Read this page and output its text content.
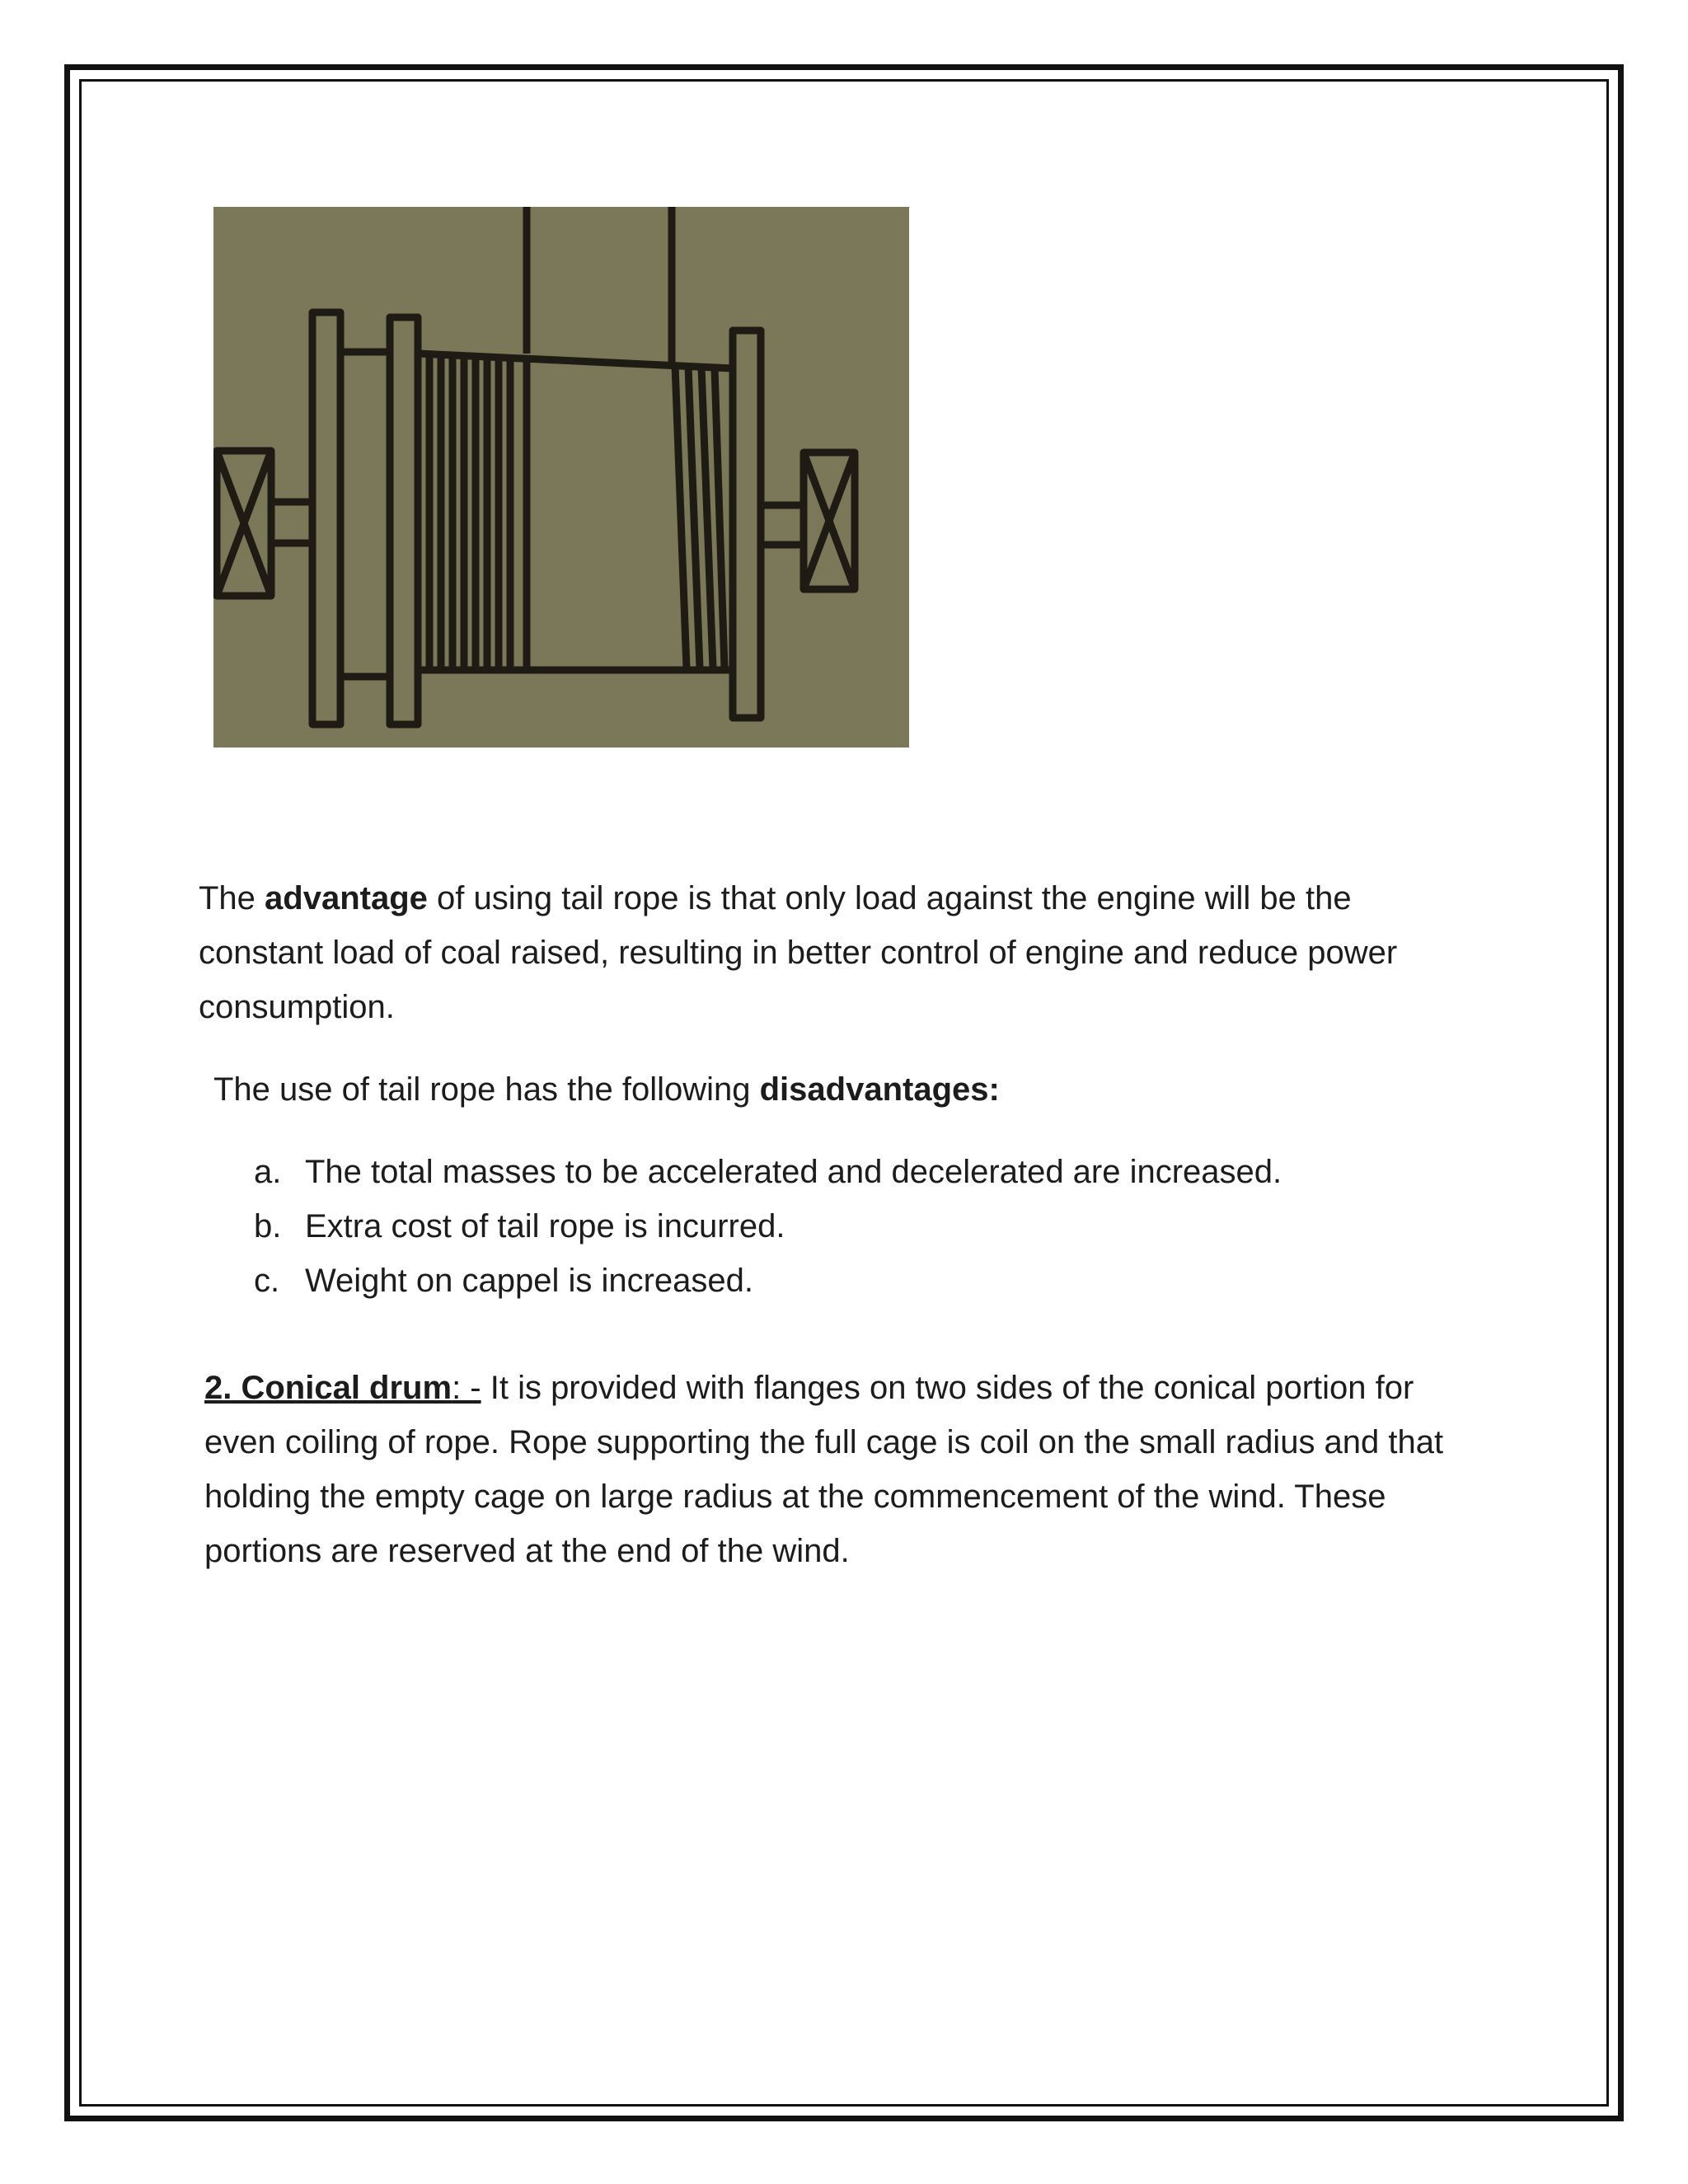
The advantage of using tail rope is that only load against the engine will be the constant load of coal raised, resulting in better control of engine and reduce power consumption.

The use of tail rope has the following disadvantages:

a. The total masses to be accelerated and decelerated are increased.
b. Extra cost of tail rope is incurred.
c. Weight on cappel is increased.

2. Conical drum: - It is provided with flanges on two sides of the conical portion for even coiling of rope. Rope supporting the full cage is coil on the small radius and that holding the empty cage on large radius at the commencement of the wind. These portions are reserved at the end of the wind.
